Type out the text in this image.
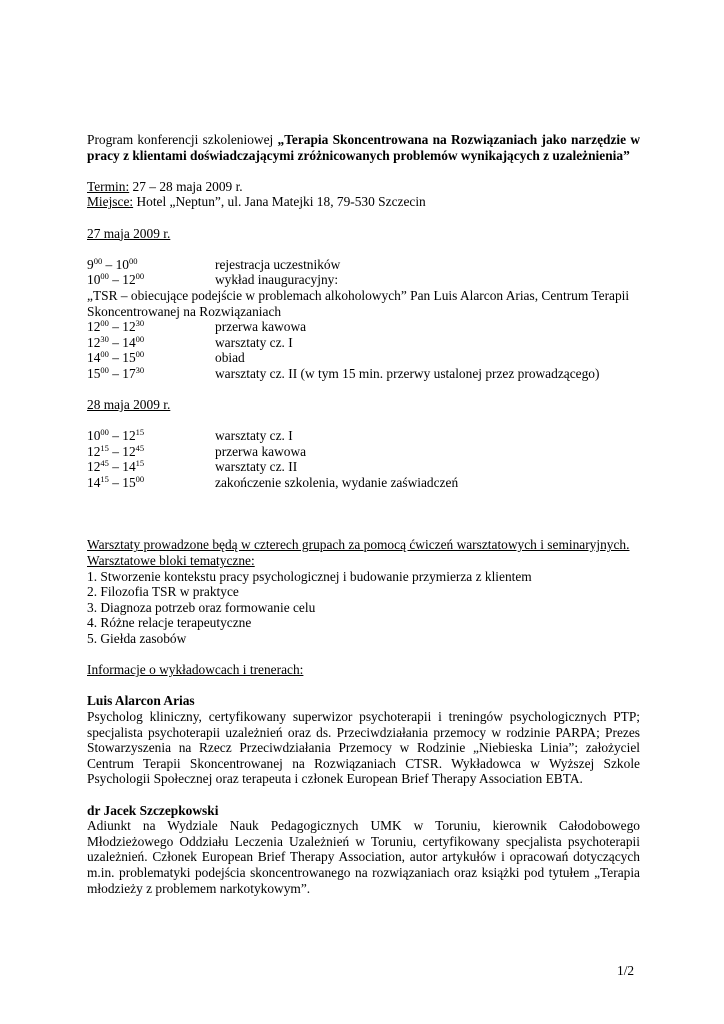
Program konferencji szkoleniowej „Terapia Skoncentrowana na Rozwiązaniach jako narzędzie w pracy z klientami doświadczającymi zróżnicowanych problemów wynikających z uzależnienia”

Termin: 27 – 28 maja 2009 r.
Miejsce: Hotel „Neptun”, ul. Jana Matejki 18, 79-530 Szczecin
27 maja 2009 r.
$9^{00} - 10^{00}$	rejestracja uczestników
$10^{00} - 12^{00}$	wykład inauguracyjny:
„TSR – obiecujące podejście w problemach alkoholowych” Pan Luis Alarcon Arias, Centrum Terapii Skoncentrowanej na Rozwiązaniach
$12^{00} - 12^{30}$	przerwa kawowa
$12^{30} - 14^{00}$	warsztaty cz. I
$14^{00} - 15^{00}$	obiad
$15^{00} - 17^{30}$	warsztaty cz. II (w tym 15 min. przerwy ustalonej przez prowadzącego)
28 maja 2009 r.
$10^{00} - 12^{15}$	warsztaty cz. I
$12^{15} - 12^{45}$	przerwa kawowa
$12^{45} - 14^{15}$	warsztaty cz. II
$14^{15} - 15^{00}$	zakończenie szkolenia, wydanie zaświadczeń
Warsztaty prowadzone będą w czterech grupach za pomocą ćwiczeń warsztatowych i seminaryjnych.
Warsztatowe bloki tematyczne:
1. Stworzenie kontekstu pracy psychologicznej i budowanie przymierza z klientem
2. Filozofia TSR w praktyce
3. Diagnoza potrzeb oraz formowanie celu
4. Różne relacje terapeutyczne
5. Giełda zasobów
Informacje o wykładowcach i trenerach:
Luis Alarcon Arias

Psycholog kliniczny, certyfikowany superwizor psychoterapii i treningów psychologicznych PTP; specjalista psychoterapii uzależnień oraz ds. Przeciwdziałania przemocy w rodzinie PARPA; Prezes Stowarzyszenia na Rzecz Przeciwdziałania Przemocy w Rodzinie „Niebieska Linia”; założyciel Centrum Terapii Skoncentrowanej na Rozwiązaniach CTSR. Wykładowca w Wyższej Szkole Psychologii Społecznej oraz terapeuta i członek European Brief Therapy Association EBTA.

dr Jacek Szczepkowski

Adiunkt na Wydziale Nauk Pedagogicznych UMK w Toruniu, kierownik Całodobowego Młodzieżowego Oddziału Leczenia Uzależnień w Toruniu, certyfikowany specjalista psychoterapii uzależnień. Członek European Brief Therapy Association, autor artykułów i opracowań dotyczących m.in. problematyki podejścia skoncentrowanego na rozwiązaniach oraz książki pod tytułem „Terapia młodzieży z problemem narkotykowym”.

1/2
